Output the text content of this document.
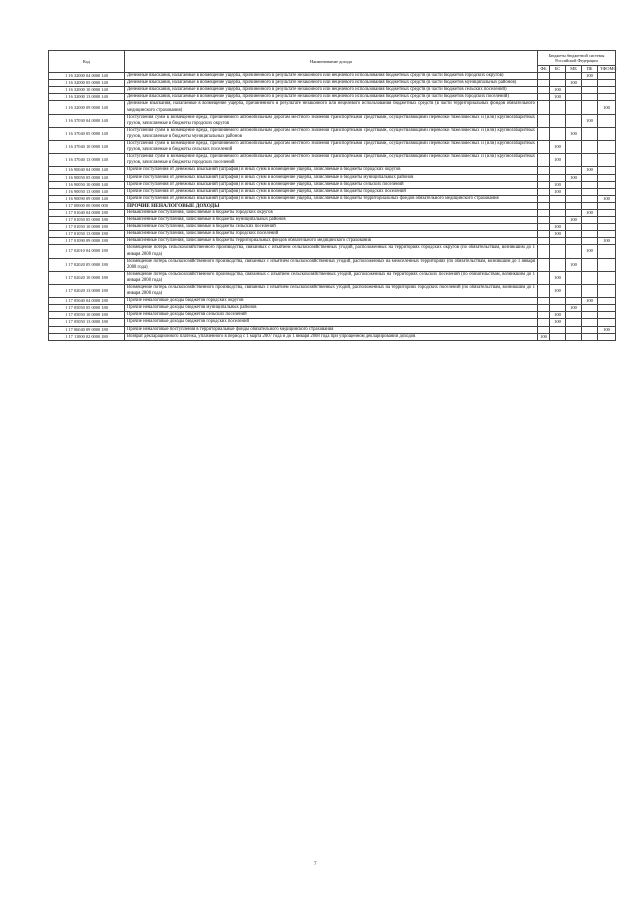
Код	Наименование дохода	Бюджеты бюджетной системы Российской Федерации				
		ФБ	БС	МБ	ПБ	ТФОМС
1 16 32000 04 0000 140	Денежные взыскания, налагаемые в возмещение ущерба, причиненного в результате незаконного или нецелевого использования бюджетных средств (в части бюджетов городских округов)				100	
1 16 32000 05 0000 140	Денежные взыскания, налагаемые в возмещение ущерба, причиненного в результате незаконного или нецелевого использования бюджетных средств (в части бюджетов муниципальных районов)			100		
1 16 32000 10 0000 140	Денежные взыскания, налагаемые в возмещение ущерба, причиненного в результате незаконного или нецелевого использования бюджетных средств (в части бюджетов сельских поселений)		100			
1 16 32000 13 0000 140	Денежные взыскания, налагаемые в возмещение ущерба, причиненного в результате незаконного или нецелевого использования бюджетных средств (в части бюджетов городских поселений)		100			
1 16 32000 09 0000 140	Денежные взыскания, налагаемые в возмещение ущерба, причиненного в результате незаконного или нецелевого использования бюджетных средств (в части территориальных фондов обязательного медицинского страхования)					100
1 16 37030 04 0000 140	Поступления сумм в возмещение вреда, причиняемого автомобильным дорогам местного значения транспортными средствами, осуществляющими перевозки тяжеловесных и (или) крупногабаритных грузов, зачисляемые в бюджеты городских округов				100	
1 16 37040 05 0000 140	Поступления сумм в возмещение вреда, причиняемого автомобильным дорогам местного значения транспортными средствами, осуществляющими перевозки тяжеловесных и (или) крупногабаритных грузов, зачисляемые в бюджеты муниципальных районов			100		
1 16 37040 10 0000 140	Поступления сумм в возмещение вреда, причиняемого автомобильным дорогам местного значения транспортными средствами, осуществляющими перевозки тяжеловесных и (или) крупногабаритных грузов, зачисляемые в бюджеты сельских поселений		100			
1 16 37040 13 0000 140	Поступления сумм в возмещение вреда, причиняемого автомобильным дорогам местного значения транспортными средствами, осуществляющими перевозки тяжеловесных и (или) крупногабаритных грузов, зачисляемые в бюджеты городских поселений		100			
1 16 90040 04 0000 140	Прочие поступления от денежных взысканий (штрафов) и иных сумм в возмещение ущерба, зачисляемые в бюджеты городских округов				100	
1 16 90050 05 0000 140	Прочие поступления от денежных взысканий (штрафов) и иных сумм в возмещение ущерба, зачисляемые в бюджеты муниципальных районов			100		
1 16 90050 10 0000 140	Прочие поступления от денежных взысканий (штрафов) и иных сумм в возмещение ущерба, зачисляемые в бюджеты сельских поселений		100			
1 16 90050 13 0000 140	Прочие поступления от денежных взысканий (штрафов) и иных сумм в возмещение ущерба, зачисляемые в бюджеты городских поселений		100			
1 16 90090 09 0000 140	Прочие поступления от денежных взысканий (штрафов) и иных сумм в возмещение ущерба, зачисляемые в бюджеты территориальных фондов обязательного медицинского страхования					100
1 17 00000 00 0000 000	ПРОЧИЕ НЕНАЛОГОВЫЕ ДОХОДЫ					
1 17 01040 04 0000 180	Невыясненные поступления, зачисляемые в бюджеты городских округов				100	
1 17 01050 05 0000 180	Невыясненные поступления, зачисляемые в бюджеты муниципальных районов			100		
1 17 01050 10 0000 180	Невыясненные поступления, зачисляемые в бюджеты сельских поселений		100			
1 17 01050 13 0000 180	Невыясненные поступления, зачисляемые в бюджеты городских поселений		100			
1 17 01090 09 0000 180	Невыясненные поступления, зачисляемые в бюджеты территориальных фондов обязательного медицинского страхования					100
1 17 02010 04 0000 180	Возмещение потерь сельскохозяйственного производства, связанных с изъятием сельскохозяйственных угодий, расположенных на территориях городских округов (по обязательствам, возникшим до 1 января 2008 года)				100	
1 17 02020 05 0000 180	Возмещение потерь сельскохозяйственного производства, связанных с изъятием сельскохозяйственных угодий, расположенных на межселенных территориях (по обязательствам, возникшим до 1 января 2008 года)			100		
1 17 02020 10 0000 180	Возмещение потерь сельскохозяйственного производства, связанных с изъятием сельскохозяйственных угодий, расположенных на территориях сельских поселений (по обязательствам, возникшим до 1 января 2008 года)		100			
1 17 02020 13 0000 180	Возмещение потерь сельскохозяйственного производства, связанных с изъятием сельскохозяйственных угодий, расположенных на территориях городских поселений (по обязательствам, возникшим до 1 января 2008 года)		100			
1 17 05040 04 0000 180	Прочие неналоговые доходы бюджетов городских округов				100	
1 17 05050 05 0000 180	Прочие неналоговые доходы бюджетов муниципальных районов			100		
1 17 05050 10 0000 180	Прочие неналоговые доходы бюджетов сельских поселений		100			
1 17 05050 13 0000 180	Прочие неналоговые доходы бюджетов городских поселений		100			
1 17 06040 09 0000 180	Прочие неналоговые поступления в территориальные фонды обязательного медицинского страхования					100
1 17 11000 02 0000 180	Возврат декларационного платежа, уплаченного в период с 1 марта 2007 года и до 1 января 2008 года при упрощенном декларировании доходов	100				
7
